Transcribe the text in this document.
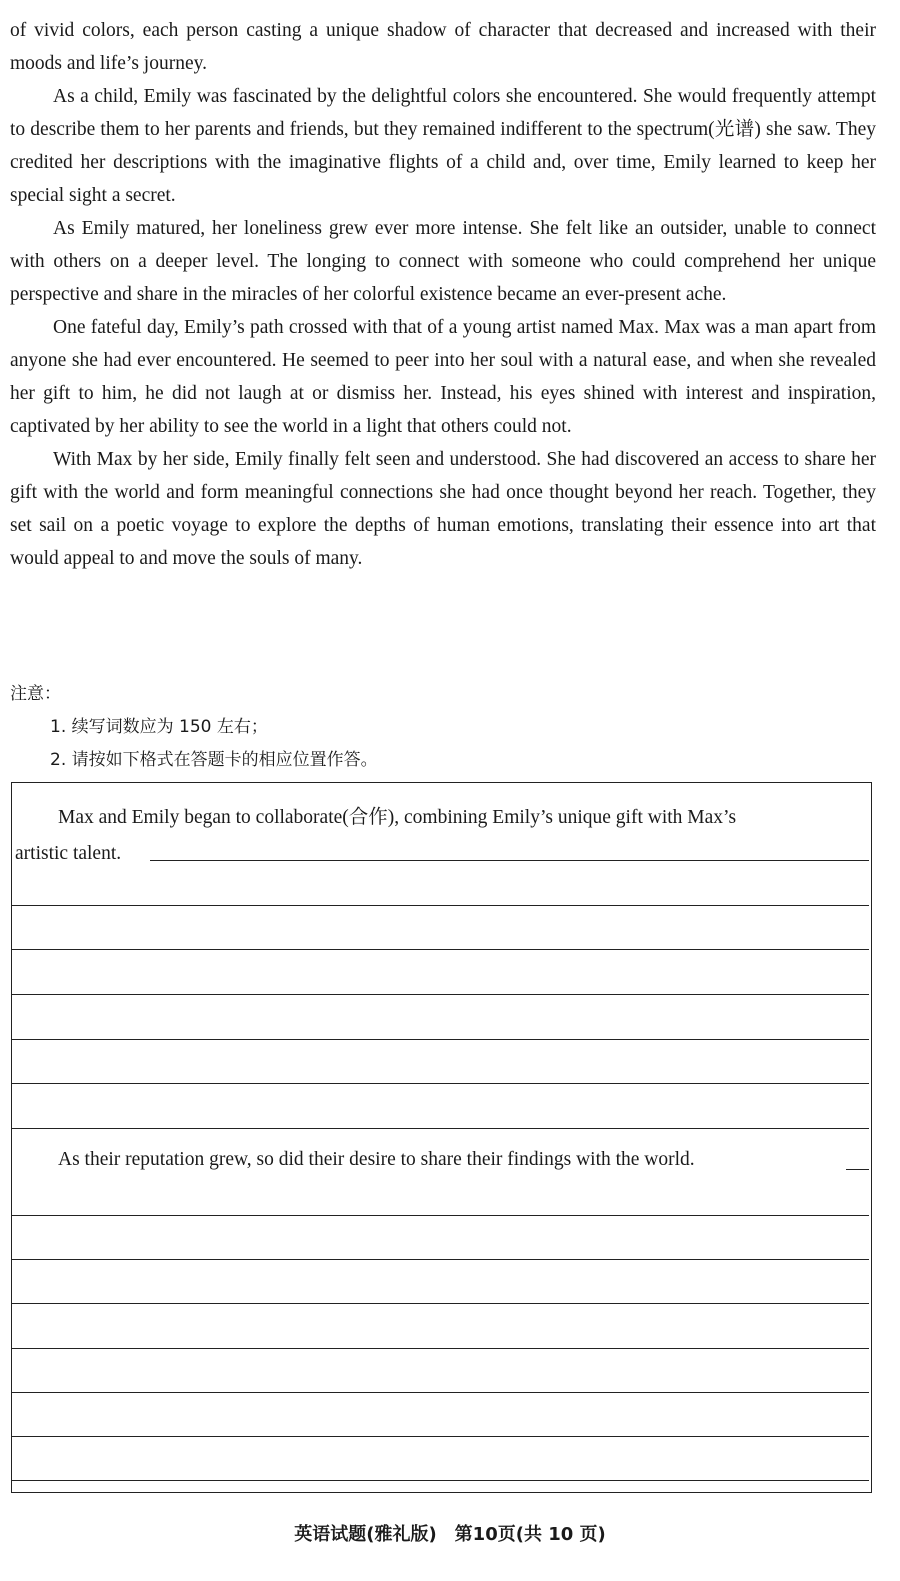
of vivid colors, each person casting a unique shadow of character that decreased and increased with their moods and life’s journey.

As a child, Emily was fascinated by the delightful colors she encountered. She would frequently attempt to describe them to her parents and friends, but they remained indifferent to the spectrum(光谱) she saw. They credited her descriptions with the imaginative flights of a child and, over time, Emily learned to keep her special sight a secret.

As Emily matured, her loneliness grew ever more intense. She felt like an outsider, unable to connect with others on a deeper level. The longing to connect with someone who could comprehend her unique perspective and share in the miracles of her colorful existence became an ever-present ache.

One fateful day, Emily’s path crossed with that of a young artist named Max. Max was a man apart from anyone she had ever encountered. He seemed to peer into her soul with a natural ease, and when she revealed her gift to him, he did not laugh at or dismiss her. Instead, his eyes shined with interest and inspiration, captivated by her ability to see the world in a light that others could not.

With Max by her side, Emily finally felt seen and understood. She had discovered an access to share her gift with the world and form meaningful connections she had once thought beyond her reach. Together, they set sail on a poetic voyage to explore the depths of human emotions, translating their essence into art that would appeal to and move the souls of many.

注意：
1. 续写词数应为 150 左右；
2. 请按如下格式在答题卡的相应位置作答。
Max and Emily began to collaborate(合作), combining Emily’s unique gift with Max’s
artistic talent.
As their reputation grew, so did their desire to share their findings with the world.
英语试题(雅礼版)　第10页(共 10 页)
